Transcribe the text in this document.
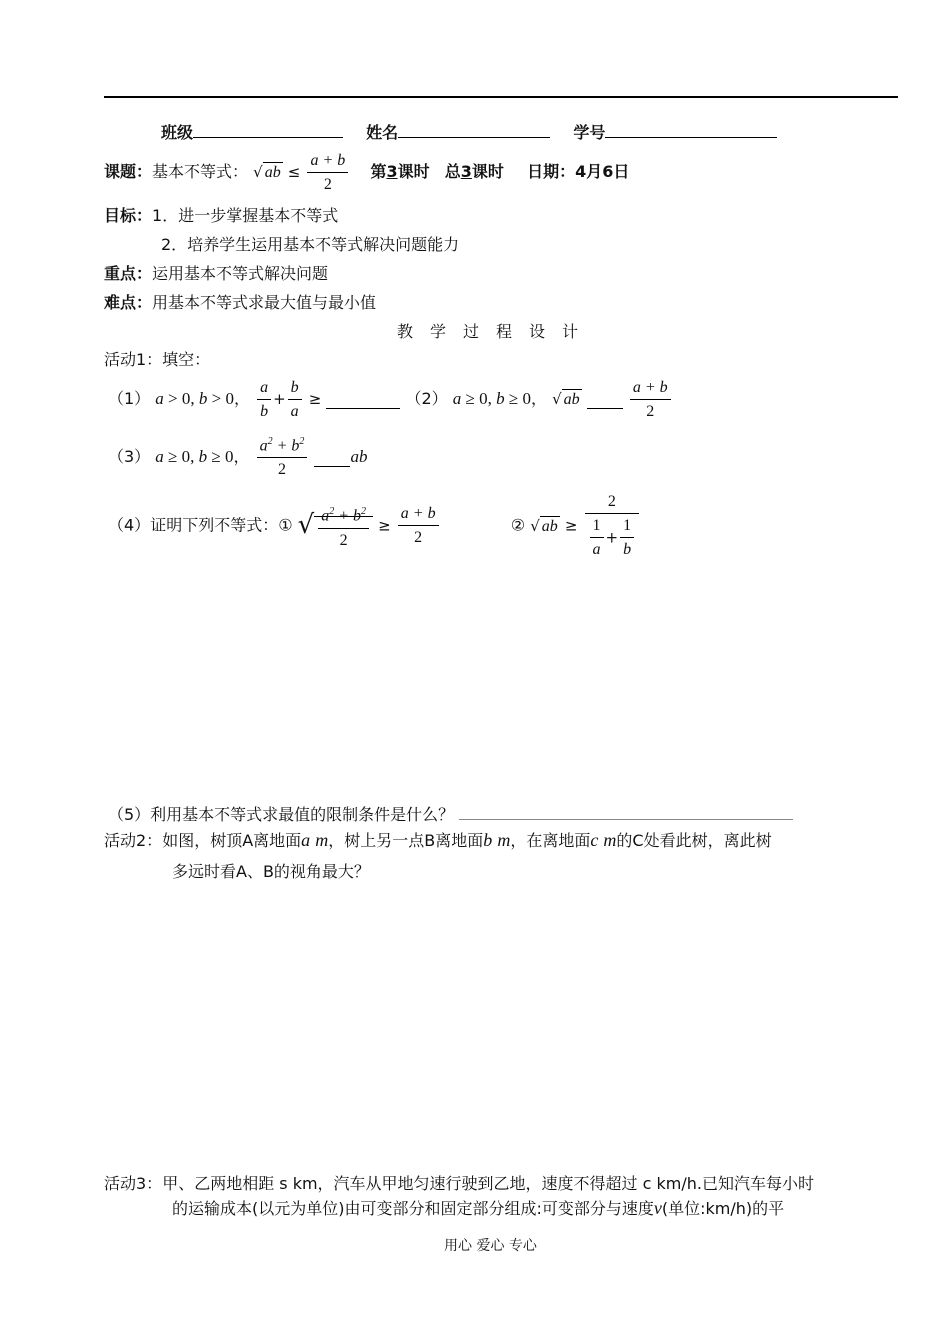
班级	姓名	学号
课题：基本不等式： √ ab ≤ $\frac{a + b}{2}$ 第3课时 总3课时 日期：4月6日
目标：1．进一步掌握基本不等式
2．培养学生运用基本不等式解决问题能力
重点：运用基本不等式解决问题
难点：用基本不等式求最大值与最小值
教学过程设计
活动1：填空：
（1） a > 0, b > 0， $\frac{a}{b} + \frac{b}{a}$ ≥	（2） a ≥ 0, b ≥ 0， √ ab	$\frac{a + b}{2}$
（3） a ≥ 0, b ≥ 0， $\frac{a^2 + b^2}{2}$	ab
（4）证明下列不等式：① √ $\frac{a^2 + b^2}{2} \ge \frac{a + b}{2}$	② √ ab ≥ $\frac{2}{\frac{1}{a} + \frac{1}{b}}$
（5）利用基本不等式求最值的限制条件是什么？
活动2：如图，树顶A离地面a m，树上另一点B离地面b m，在离地面c m的C处看此树，离此树
多远时看A、B的视角最大？
活动3：甲、乙两地相距 s km，汽车从甲地匀速行驶到乙地，速度不得超过 c km/h.已知汽车每小时
的运输成本(以元为单位)由可变部分和固定部分组成:可变部分与速度v(单位:km/h)的平
用心 爱心 专心
